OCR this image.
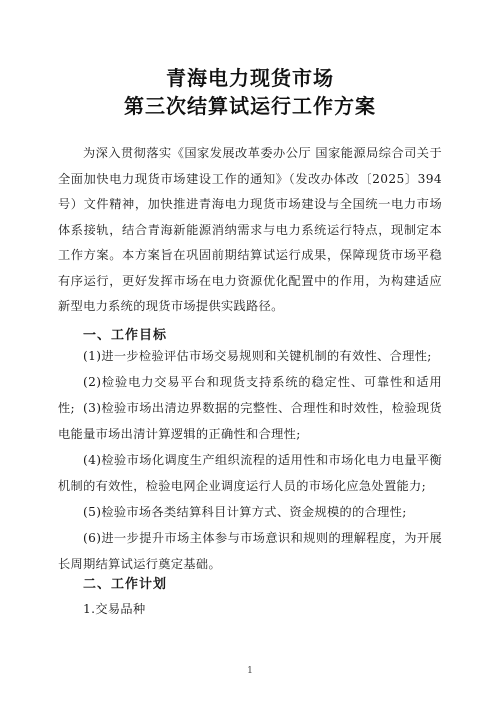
青海电力现货市场
第三次结算试运行工作方案

为深入贯彻落实《国家发展改革委办公厅 国家能源局综合司关于全面加快电力现货市场建设工作的通知》（发改办体改〔2025〕394号）文件精神，加快推进青海电力现货市场建设与全国统一电力市场体系接轨，结合青海新能源消纳需求与电力系统运行特点，现制定本工作方案。本方案旨在巩固前期结算试运行成果，保障现货市场平稳有序运行，更好发挥市场在电力资源优化配置中的作用，为构建适应新型电力系统的现货市场提供实践路径。

一、工作目标

(1)进一步检验评估市场交易规则和关键机制的有效性、合理性;

(2)检验电力交易平台和现货支持系统的稳定性、可靠性和适用性; (3)检验市场出清边界数据的完整性、合理性和时效性，检验现货电能量市场出清计算逻辑的正确性和合理性;

(4)检验市场化调度生产组织流程的适用性和市场化电力电量平衡机制的有效性，检验电网企业调度运行人员的市场化应急处置能力;

(5)检验市场各类结算科目计算方式、资金规模的的合理性;

(6)进一步提升市场主体参与市场意识和规则的理解程度，为开展长周期结算试运行奠定基础。

二、工作计划
1.交易品种
1
